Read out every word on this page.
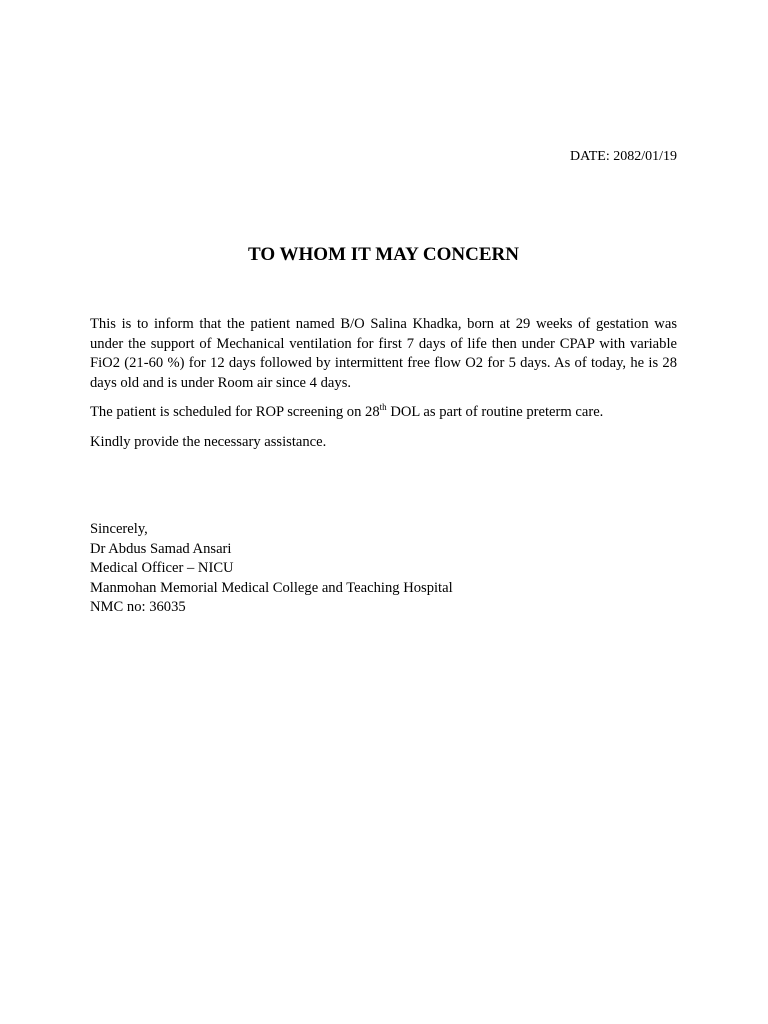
DATE: 2082/01/19
TO WHOM IT MAY CONCERN

This is to inform that the patient named B/O Salina Khadka, born at 29 weeks of gestation was under the support of Mechanical ventilation for first 7 days of life then under CPAP with variable FiO2 (21-60 %) for 12 days followed by intermittent free flow O2 for 5 days. As of today, he is 28 days old and is under Room air since 4 days.

The patient is scheduled for ROP screening on 28th DOL as part of routine preterm care.

Kindly provide the necessary assistance.

Sincerely,
Dr Abdus Samad Ansari
Medical Officer – NICU
Manmohan Memorial Medical College and Teaching Hospital
NMC no: 36035
